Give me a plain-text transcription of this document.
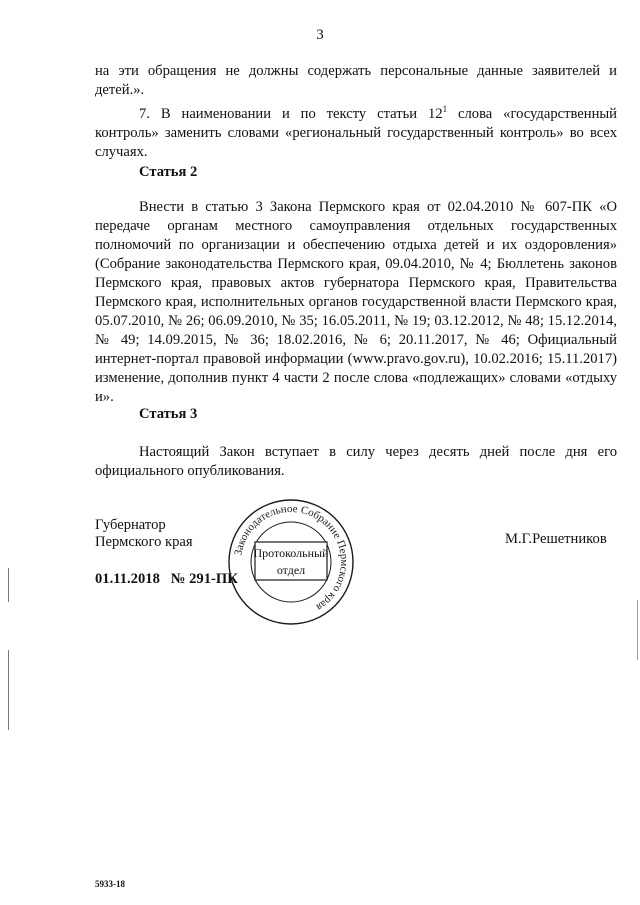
3

на эти обращения не должны содержать персональные данные заявителей и детей.».

7. В наименовании и по тексту статьи $12^1$ слова «государственный контроль» заменить словами «региональный государственный контроль» во всех случаях.

Статья 2

Внести в статью 3 Закона Пермского края от 02.04.2010 № 607-ПК «О передаче органам местного самоуправления отдельных государственных полномочий по организации и обеспечению отдыха детей и их оздоровления» (Собрание законодательства Пермского края, 09.04.2010, № 4; Бюллетень законов Пермского края, правовых актов губернатора Пермского края, Правительства Пермского края, исполнительных органов государственной власти Пермского края, 05.07.2010, № 26; 06.09.2010, № 35; 16.05.2011, № 19; 03.12.2012, № 48; 15.12.2014, № 49; 14.09.2015, № 36; 18.02.2016, № 6; 20.11.2017, № 46; Официальный интернет-портал правовой информации (www.pravo.gov.ru), 10.02.2016; 15.11.2017) изменение, дополнив пункт 4 части 2 после слова «подлежащих» словами «отдыху и».

Статья 3

Настоящий Закон вступает в силу через десять дней после дня его официального опубликования.

Губернатор
Пермского края	М.Г.Решетников
01.11.2018   № 291-ПК
Законодательное Собрание Пермского края
Протокольный
отдел
5933-18
